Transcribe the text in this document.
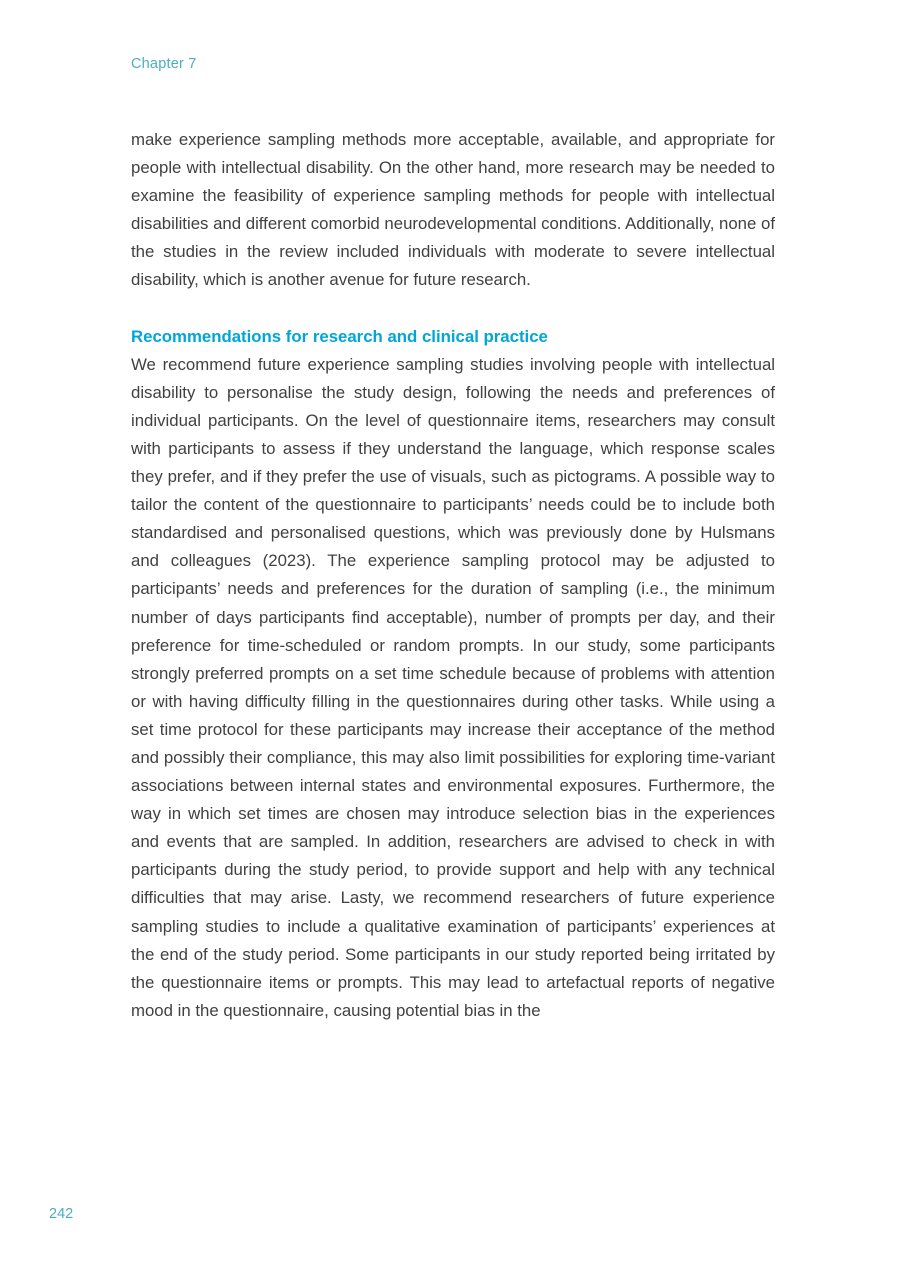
Chapter 7

make experience sampling methods more acceptable, available, and appropriate for people with intellectual disability. On the other hand, more research may be needed to examine the feasibility of experience sampling methods for people with intellectual disabilities and different comorbid neurodevelopmental conditions. Additionally, none of the studies in the review included individuals with moderate to severe intellectual disability, which is another avenue for future research.

Recommendations for research and clinical practice

We recommend future experience sampling studies involving people with intellectual disability to personalise the study design, following the needs and preferences of individual participants. On the level of questionnaire items, researchers may consult with participants to assess if they understand the language, which response scales they prefer, and if they prefer the use of visuals, such as pictograms. A possible way to tailor the content of the questionnaire to participants’ needs could be to include both standardised and personalised questions, which was previously done by Hulsmans and colleagues (2023). The experience sampling protocol may be adjusted to participants’ needs and preferences for the duration of sampling (i.e., the minimum number of days participants find acceptable), number of prompts per day, and their preference for time-scheduled or random prompts. In our study, some participants strongly preferred prompts on a set time schedule because of problems with attention or with having difficulty filling in the questionnaires during other tasks. While using a set time protocol for these participants may increase their acceptance of the method and possibly their compliance, this may also limit possibilities for exploring time-variant associations between internal states and environmental exposures. Furthermore, the way in which set times are chosen may introduce selection bias in the experiences and events that are sampled. In addition, researchers are advised to check in with participants during the study period, to provide support and help with any technical difficulties that may arise. Lasty, we recommend researchers of future experience sampling studies to include a qualitative examination of participants’ experiences at the end of the study period. Some participants in our study reported being irritated by the questionnaire items or prompts. This may lead to artefactual reports of negative mood in the questionnaire, causing potential bias in the

242
